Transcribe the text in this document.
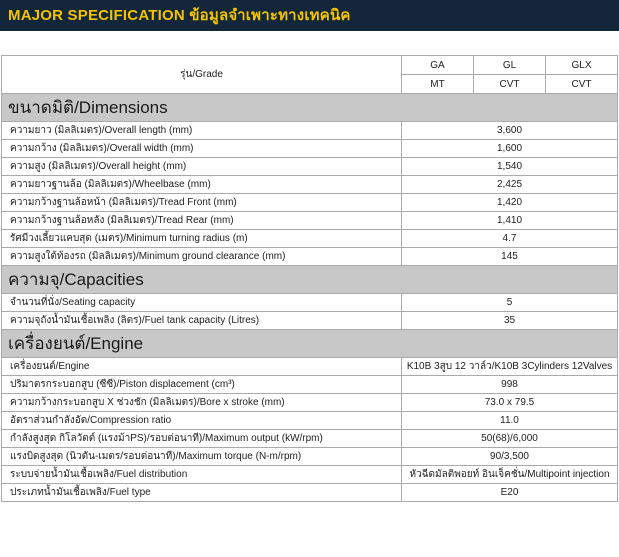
MAJOR SPECIFICATION ข้อมูลจำเพาะทางเทคนิค
รุ่น/Grade	GA	GL	GLX
	MT	CVT	CVT
ขนาดมิติ/Dimensions			
ความยาว (มิลลิเมตร)/Overall length (mm)	3,600		
ความกว้าง (มิลลิเมตร)/Overall width (mm)	1,600		
ความสูง (มิลลิเมตร)/Overall height (mm)	1,540		
ความยาวฐานล้อ (มิลลิเมตร)/Wheelbase (mm)	2,425		
ความกว้างฐานล้อหน้า (มิลลิเมตร)/Tread Front (mm)	1,420		
ความกว้างฐานล้อหลัง (มิลลิเมตร)/Tread Rear (mm)	1,410		
รัศมีวงเลี้ยวแคบสุด (เมตร)/Minimum turning radius (m)	4.7		
ความสูงใต้ท้องรถ (มิลลิเมตร)/Minimum ground clearance (mm)	145		
ความจุ/Capacities			
จำนวนที่นั่ง/Seating capacity	5		
ความจุถังน้ำมันเชื้อเพลิง (ลิตร)/Fuel tank capacity (Litres)	35		
เครื่องยนต์/Engine			
เครื่องยนต์/Engine	K10B 3สูบ 12 วาล์ว/K10B 3Cylinders 12Valves		
ปริมาตรกระบอกสูบ (ซีซี)/Piston displacement (cm³)	998		
ความกว้างกระบอกสูบ X ช่วงชัก (มิลลิเมตร)/Bore x stroke (mm)	73.0 x 79.5		
อัตราส่วนกำลังอัด/Compression ratio	11.0		
กำลังสูงสุด กิโลวัตต์ (แรงม้าPS)/รอบต่อนาที)/Maximum output (kW/rpm)	50(68)/6,000		
แรงบิดสูงสุด (นิวตัน-เมตร/รอบต่อนาที)/Maximum torque (N-m/rpm)	90/3,500		
ระบบจ่ายน้ำมันเชื้อเพลิง/Fuel distribution	หัวฉีดมัลติพอยท์ อินเจ็คชั่น/Multipoint injection		
ประเภทน้ำมันเชื้อเพลิง/Fuel type	E20		
